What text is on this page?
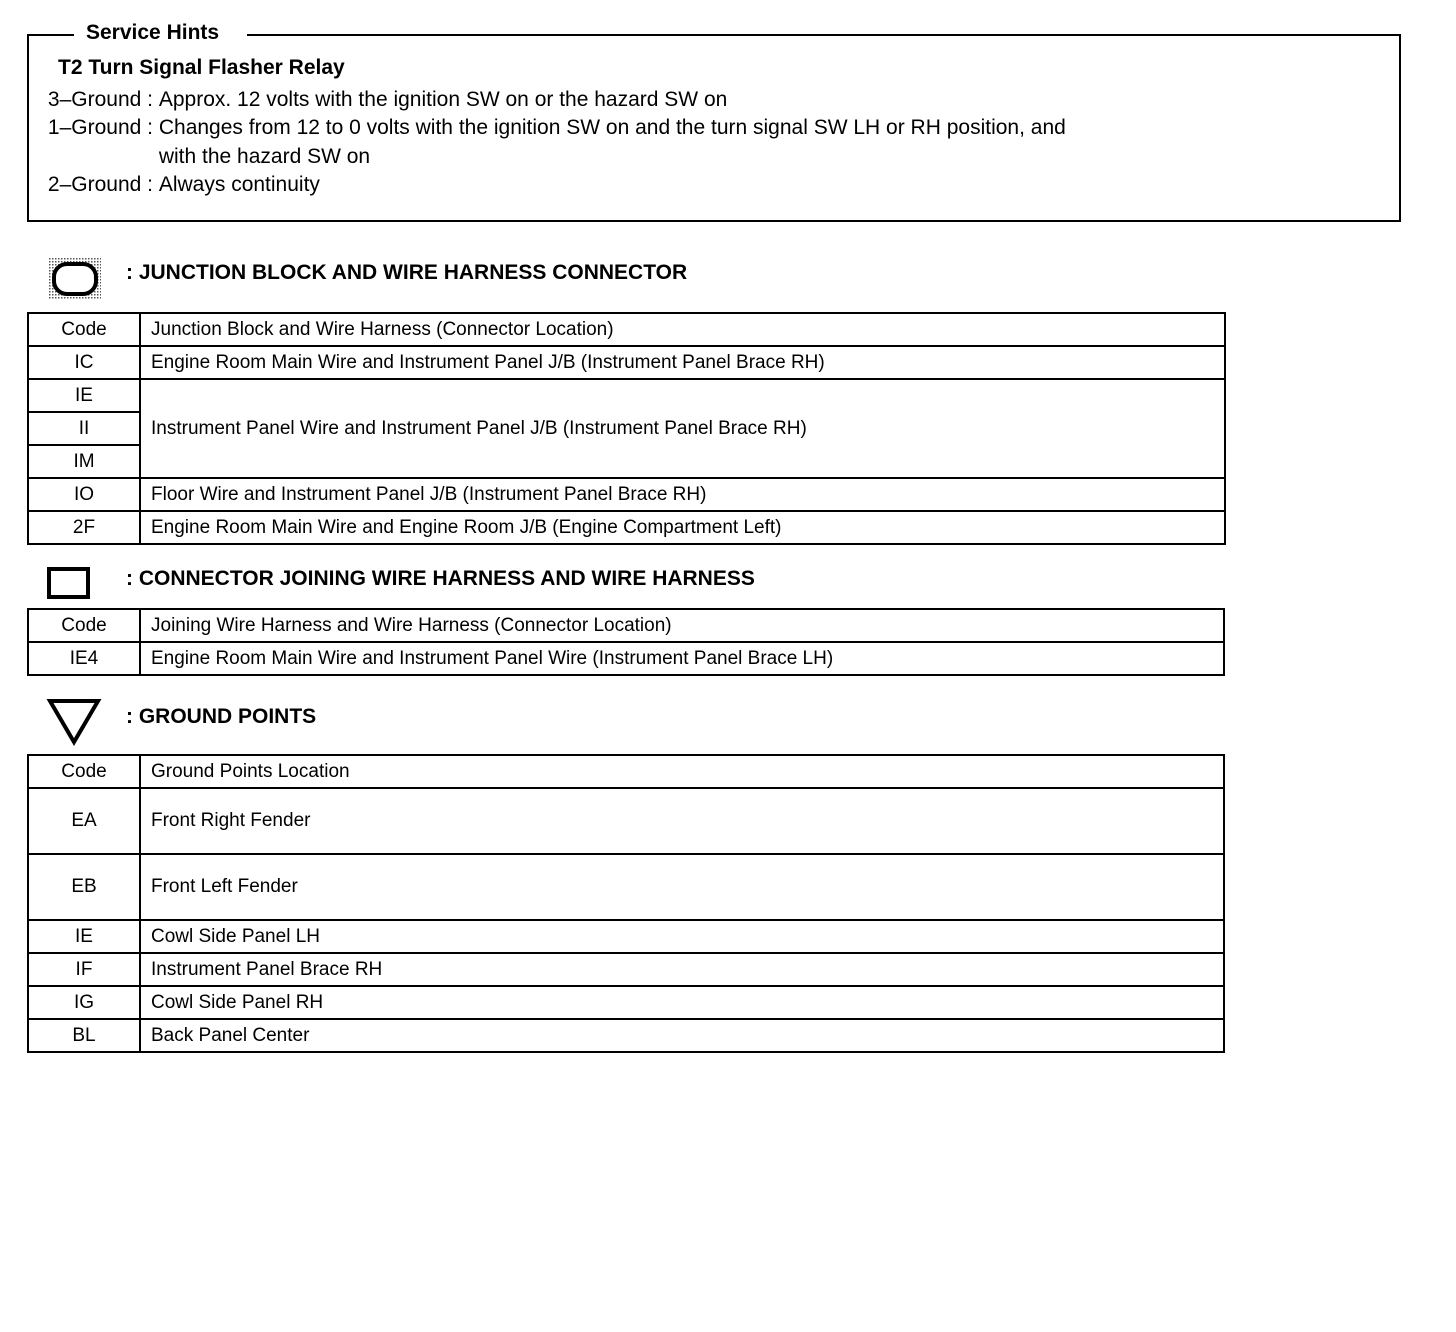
Service Hints
T2 Turn Signal Flasher Relay
3–Ground : Approx. 12 volts with the ignition SW on or the hazard SW on
1–Ground : Changes from 12 to 0 volts with the ignition SW on and the turn signal SW LH or RH position, and
with the hazard SW on
2–Ground : Always continuity
: JUNCTION BLOCK AND WIRE HARNESS CONNECTOR
Code	Junction Block and Wire Harness (Connector Location)
IC	Engine Room Main Wire and Instrument Panel J/B (Instrument Panel Brace RH)
IE	Instrument Panel Wire and Instrument Panel J/B (Instrument Panel Brace RH)
II	
IM	
IO	Floor Wire and Instrument Panel J/B (Instrument Panel Brace RH)
2F	Engine Room Main Wire and Engine Room J/B (Engine Compartment Left)
: CONNECTOR JOINING WIRE HARNESS AND WIRE HARNESS
Code	Joining Wire Harness and Wire Harness (Connector Location)
IE4	Engine Room Main Wire and Instrument Panel Wire (Instrument Panel Brace LH)
: GROUND POINTS
Code	Ground Points Location
EA	Front Right Fender
EB	Front Left Fender
IE	Cowl Side Panel LH
IF	Instrument Panel Brace RH
IG	Cowl Side Panel RH
BL	Back Panel Center
